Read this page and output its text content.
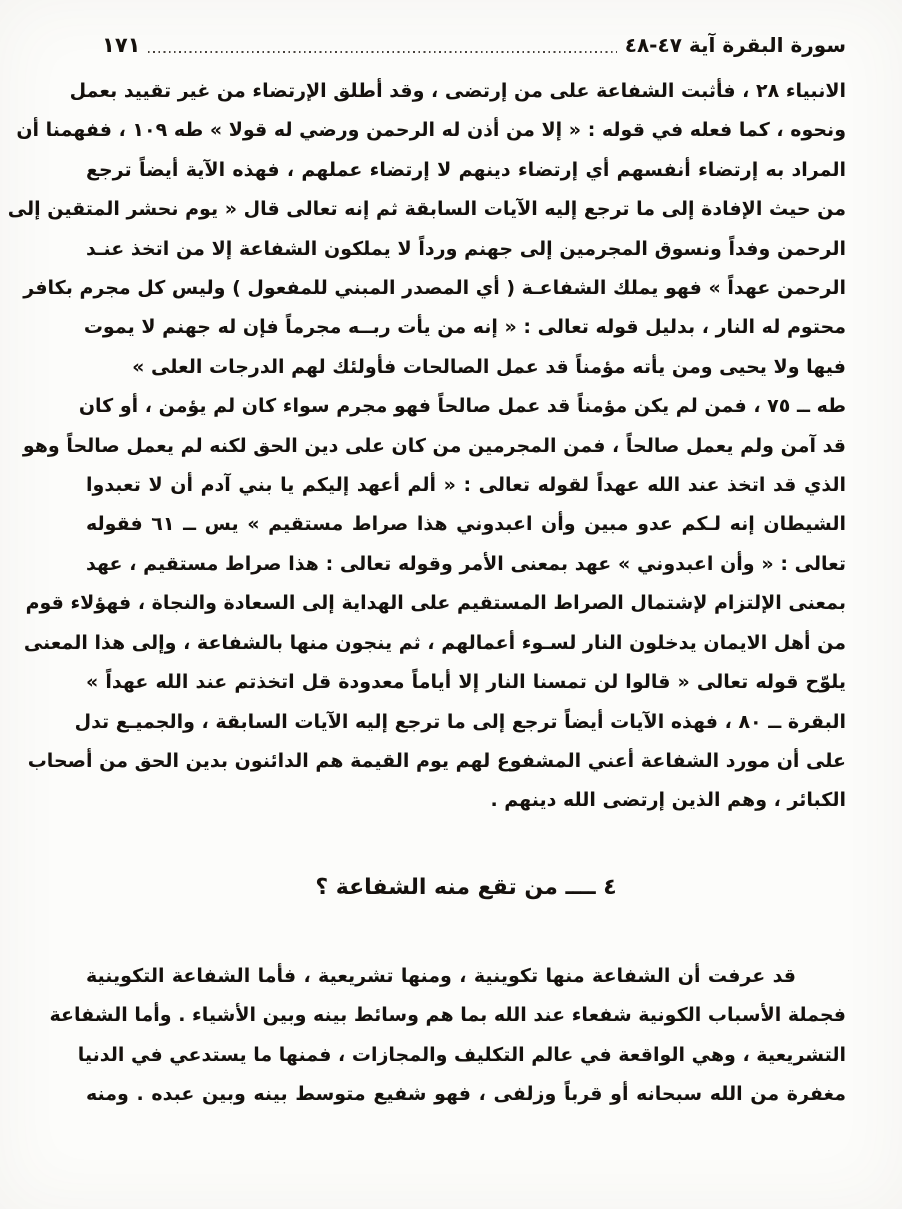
سورة البقرة آية ٤٧-٤٨
١٧١
الانبياء ٢٨ ، فأثبت الشفاعة على من إرتضى ، وقد أطلق الإرتضاء من غير تقييد بعمل
ونحوه ، كما فعله في قوله : « إلا من أذن له الرحمن ورضي له قولا » طه ١٠٩ ، ففهمنا أن
المراد به إرتضاء أنفسهم أي إرتضاء دينهم لا إرتضاء عملهم ، فهذه الآية أيضاً ترجع
من حيث الإفادة إلى ما ترجع إليه الآيات السابقة ثم إنه تعالى قال « يوم نحشر المتقين إلى
الرحمن وفداً ونسوق المجرمين إلى جهنم ورداً لا يملكون الشفاعة إلا من اتخذ عنـد
الرحمن عهداً » فهو يملك الشفاعـة ( أي المصدر المبني للمفعول ) وليس كل مجرم بكافر
محتوم له النار ، بدليل قوله تعالى : « إنه من يأت ربــه مجرماً فإن له جهنم لا يموت
فيها ولا يحيى ومن يأته مؤمناً قد عمل الصالحات فأولئك لهم الدرجات العلى »
طه ــ ٧٥ ، فمن لم يكن مؤمناً قد عمل صالحاً فهو مجرم سواء كان لم يؤمن ، أو كان
قد آمن ولم يعمل صالحاً ، فمن المجرمين من كان على دين الحق لكنه لم يعمل صالحاً وهو
الذي قد اتخذ عند الله عهداً لقوله تعالى : « ألم أعهد إليكم يا بني آدم أن لا تعبدوا
الشيطان إنه لـكم عدو مبين وأن اعبدوني هذا صراط مستقيم » يس ــ ٦١ فقوله
تعالى : « وأن اعبدوني » عهد بمعنى الأمر وقوله تعالى : هذا صراط مستقيم ، عهد
بمعنى الإلتزام لإشتمال الصراط المستقيم على الهداية إلى السعادة والنجاة ، فهؤلاء قوم
من أهل الايمان يدخلون النار لسـوء أعمالهم ، ثم ينجون منها بالشفاعة ، وإلى هذا المعنى
يلوّح قوله تعالى « قالوا لن تمسنا النار إلا أياماً معدودة قل اتخذتم عند الله عهداً »
البقرة ــ ٨٠ ، فهذه الآيات أيضاً ترجع إلى ما ترجع إليه الآيات السابقة ، والجميـع تدل
على أن مورد الشفاعة أعني المشفوع لهم يوم القيمة هم الدائنون بدين الحق من أصحاب
الكبائر ، وهم الذين إرتضى الله دينهم .
٤ ــــ من تقع منه الشفاعة ؟
قد عرفت أن الشفاعة منها تكوينية ، ومنها تشريعية ، فأما الشفاعة التكوينية
فجملة الأسباب الكونية شفعاء عند الله بما هم وسائط بينه وبين الأشياء . وأما الشفاعة
التشريعية ، وهي الواقعة في عالم التكليف والمجازات ، فمنها ما يستدعي في الدنيا
مغفرة من الله سبحانه أو قرباً وزلفى ، فهو شفيع متوسط بينه وبين عبده . ومنه
